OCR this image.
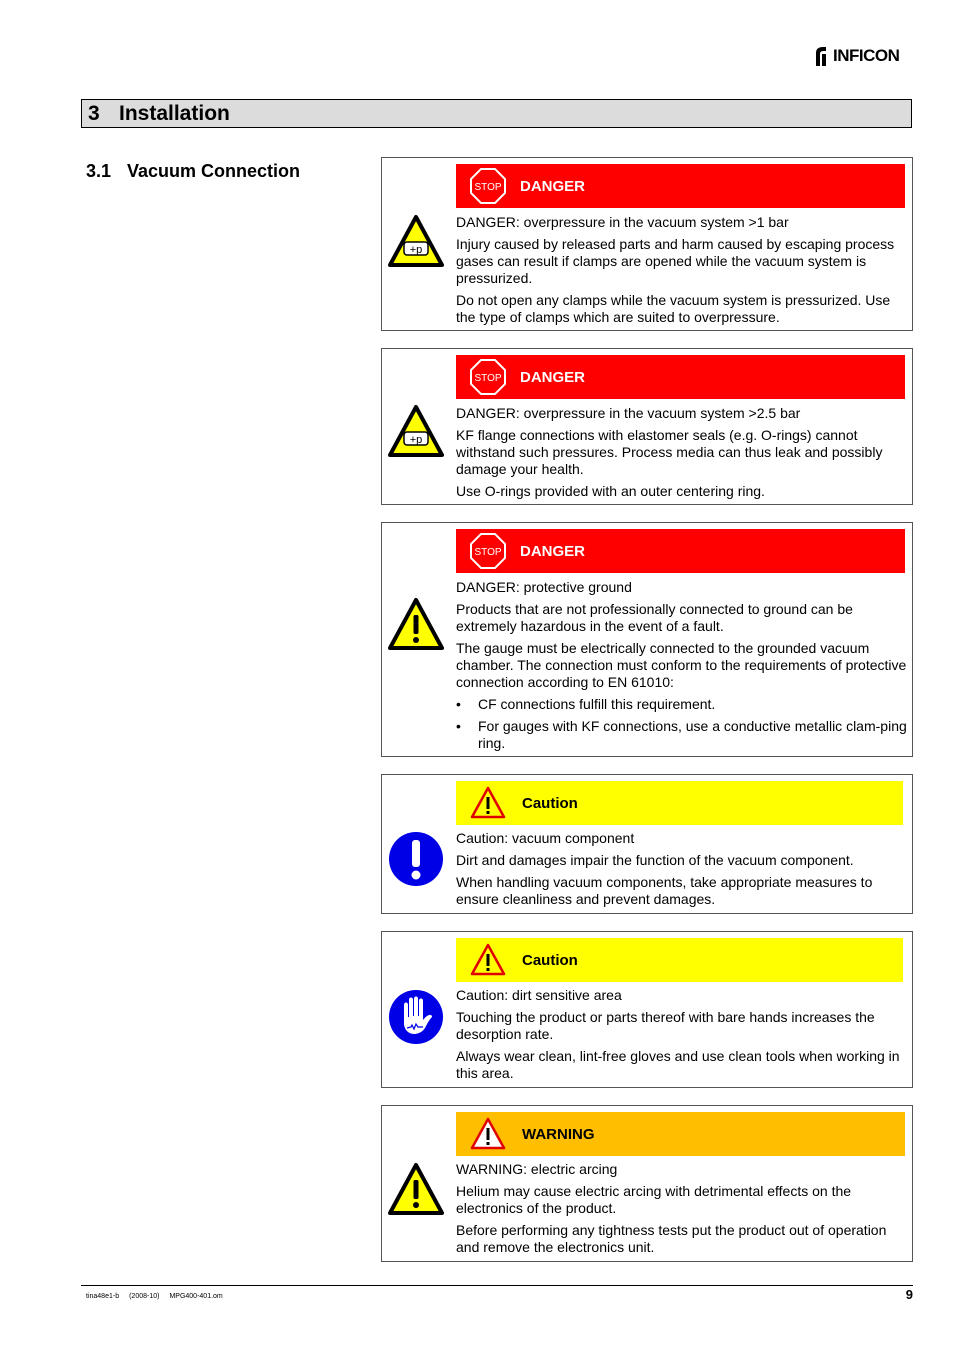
INFICON
3 Installation
3.1 Vacuum Connection
+p
STOP DANGER

DANGER: overpressure in the vacuum system >1 bar

Injury caused by released parts and harm caused by escaping process gases can result if clamps are opened while the vacuum system is pressurized.

Do not open any clamps while the vacuum system is pressurized. Use the type of clamps which are suited to overpressure.

+p
STOP DANGER

DANGER: overpressure in the vacuum system >2.5 bar

KF flange connections with elastomer seals (e.g. O-rings) cannot withstand such pressures. Process media can thus leak and possibly damage your health.

Use O-rings provided with an outer centering ring.

STOP DANGER

DANGER: protective ground

Products that are not professionally connected to ground can be extremely hazardous in the event of a fault.

The gauge must be electrically connected to the grounded vacuum chamber. The connection must conform to the requirements of protective connection according to EN 61010:

• CF connections fulfill this requirement.
• For gauges with KF connections, use a conductive metallic clam-ping ring.
Caution

Caution: vacuum component

Dirt and damages impair the function of the vacuum component.

When handling vacuum components, take appropriate measures to ensure cleanliness and prevent damages.

Caution

Caution: dirt sensitive area

Touching the product or parts thereof with bare hands increases the desorption rate.

Always wear clean, lint-free gloves and use clean tools when working in this area.

WARNING

WARNING: electric arcing

Helium may cause electric arcing with detrimental effects on the electronics of the product.

Before performing any tightness tests put the product out of operation and remove the electronics unit.

tina48e1-b (2008-10) MPG400-401.om	9
